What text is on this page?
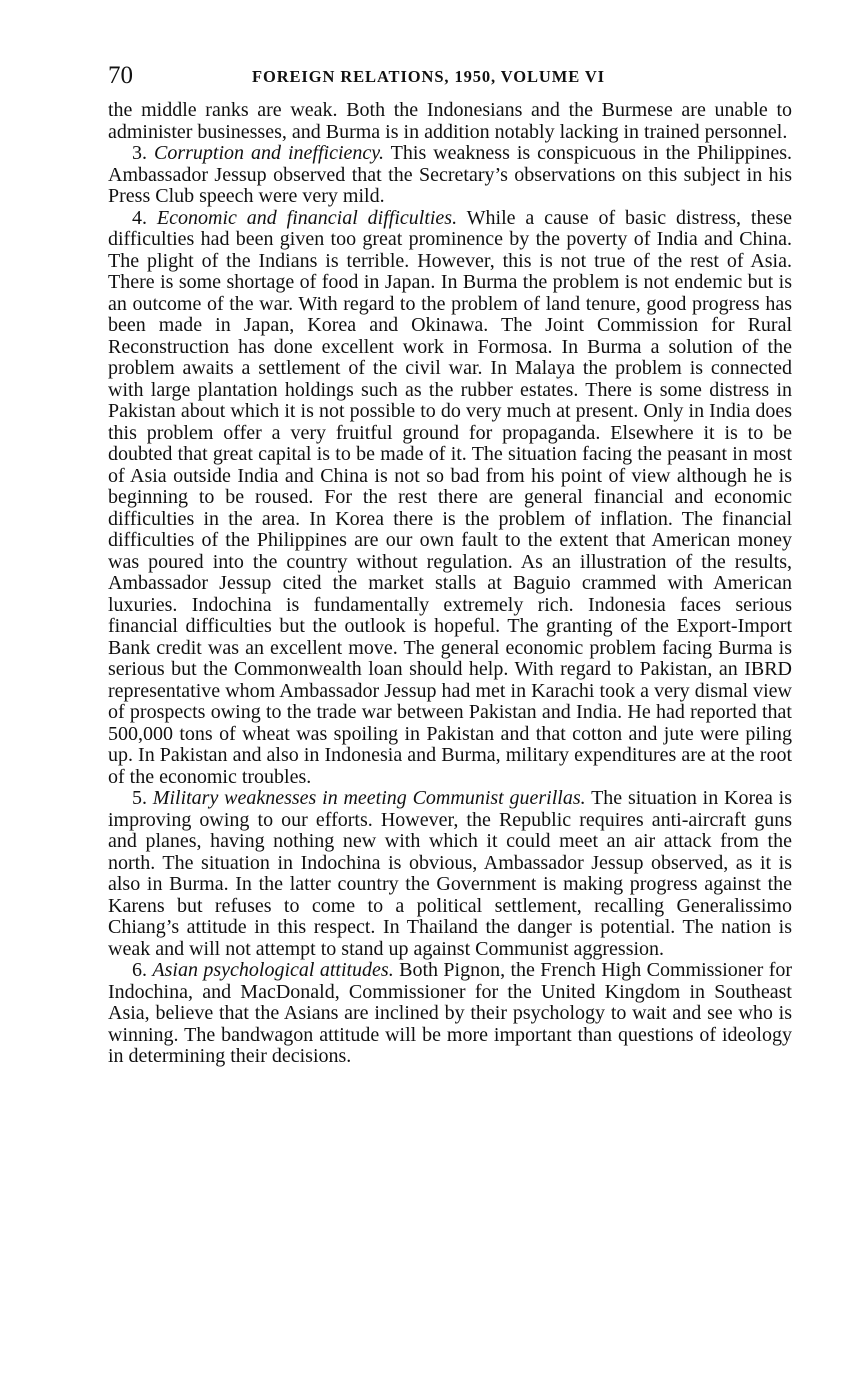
70	FOREIGN RELATIONS, 1950, VOLUME VI

the middle ranks are weak. Both the Indonesians and the Burmese are unable to administer businesses, and Burma is in addition notably lacking in trained personnel.

3. Corruption and inefficiency. This weakness is conspicuous in the Philippines. Ambassador Jessup observed that the Secretary’s observations on this subject in his Press Club speech were very mild.

4. Economic and financial difficulties. While a cause of basic distress, these difficulties had been given too great prominence by the poverty of India and China. The plight of the Indians is terrible. However, this is not true of the rest of Asia. There is some shortage of food in Japan. In Burma the problem is not endemic but is an outcome of the war. With regard to the problem of land tenure, good progress has been made in Japan, Korea and Okinawa. The Joint Commission for Rural Reconstruction has done excellent work in Formosa. In Burma a solution of the problem awaits a settlement of the civil war. In Malaya the problem is connected with large plantation holdings such as the rubber estates. There is some distress in Pakistan about which it is not possible to do very much at present. Only in India does this problem offer a very fruitful ground for propaganda. Elsewhere it is to be doubted that great capital is to be made of it. The situation facing the peasant in most of Asia outside India and China is not so bad from his point of view although he is beginning to be roused. For the rest there are general financial and economic difficulties in the area. In Korea there is the problem of inflation. The financial difficulties of the Philippines are our own fault to the extent that American money was poured into the country without regulation. As an illustration of the results, Ambassador Jessup cited the market stalls at Baguio crammed with American luxuries. Indochina is fundamentally extremely rich. Indonesia faces serious financial difficulties but the outlook is hopeful. The granting of the Export-Import Bank credit was an excellent move. The general economic problem facing Burma is serious but the Commonwealth loan should help. With regard to Pakistan, an IBRD representative whom Ambassador Jessup had met in Karachi took a very dismal view of prospects owing to the trade war between Pakistan and India. He had reported that 500,000 tons of wheat was spoiling in Pakistan and that cotton and jute were piling up. In Pakistan and also in Indonesia and Burma, military expenditures are at the root of the economic troubles.

5. Military weaknesses in meeting Communist guerillas. The situation in Korea is improving owing to our efforts. However, the Republic requires anti-aircraft guns and planes, having nothing new with which it could meet an air attack from the north. The situation in Indochina is obvious, Ambassador Jessup observed, as it is also in Burma. In the latter country the Government is making progress against the Karens but refuses to come to a political settlement, recalling Generalissimo Chiang’s attitude in this respect. In Thailand the danger is potential. The nation is weak and will not attempt to stand up against Communist aggression.

6. Asian psychological attitudes. Both Pignon, the French High Commissioner for Indochina, and MacDonald, Commissioner for the United Kingdom in Southeast Asia, believe that the Asians are inclined by their psychology to wait and see who is winning. The bandwagon attitude will be more important than questions of ideology in determining their decisions.
